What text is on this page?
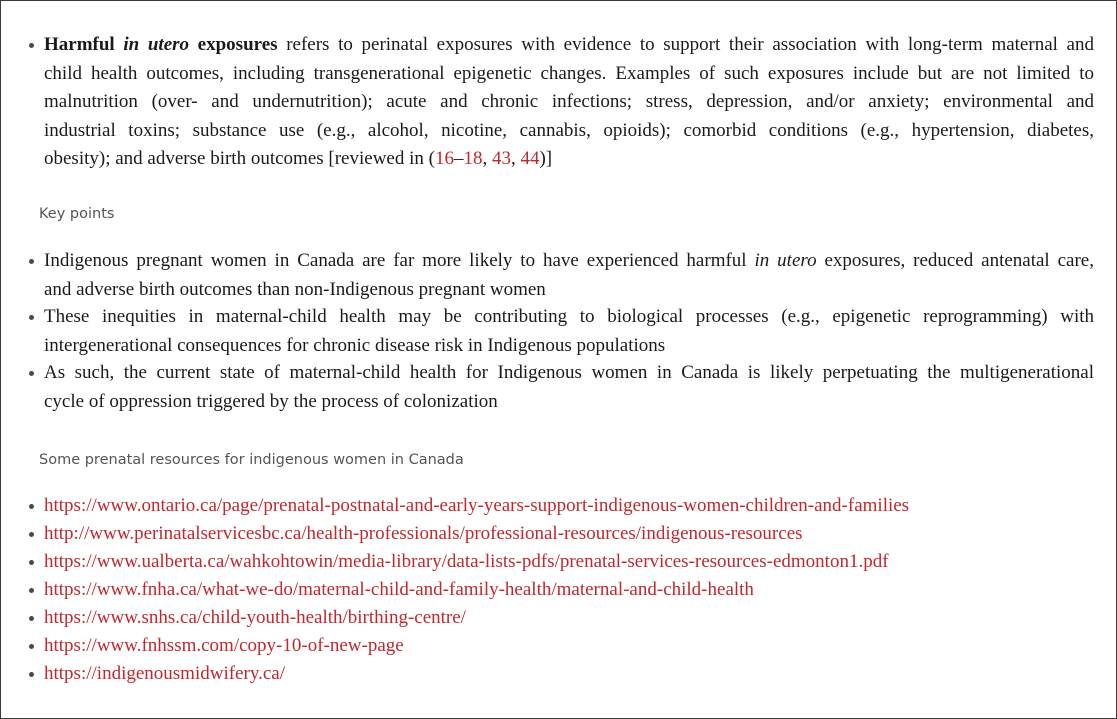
Harmful in utero exposures refers to perinatal exposures with evidence to support their association with long-term maternal and
child health outcomes, including transgenerational epigenetic changes. Examples of such exposures include but are not limited to
malnutrition (over- and undernutrition); acute and chronic infections; stress, depression, and/or anxiety; environmental and
industrial toxins; substance use (e.g., alcohol, nicotine, cannabis, opioids); comorbid conditions (e.g., hypertension, diabetes,
obesity); and adverse birth outcomes [reviewed in (16–18, 43, 44)]
Key points
Indigenous pregnant women in Canada are far more likely to have experienced harmful in utero exposures, reduced antenatal care,
and adverse birth outcomes than non-Indigenous pregnant women
These inequities in maternal-child health may be contributing to biological processes (e.g., epigenetic reprogramming) with
intergenerational consequences for chronic disease risk in Indigenous populations
As such, the current state of maternal-child health for Indigenous women in Canada is likely perpetuating the multigenerational
cycle of oppression triggered by the process of colonization
Some prenatal resources for indigenous women in Canada
https://www.ontario.ca/page/prenatal-postnatal-and-early-years-support-indigenous-women-children-and-families
http://www.perinatalservicesbc.ca/health-professionals/professional-resources/indigenous-resources
https://www.ualberta.ca/wahkohtowin/media-library/data-lists-pdfs/prenatal-services-resources-edmonton1.pdf
https://www.fnha.ca/what-we-do/maternal-child-and-family-health/maternal-and-child-health
https://www.snhs.ca/child-youth-health/birthing-centre/
https://www.fnhssm.com/copy-10-of-new-page
https://indigenousmidwifery.ca/
